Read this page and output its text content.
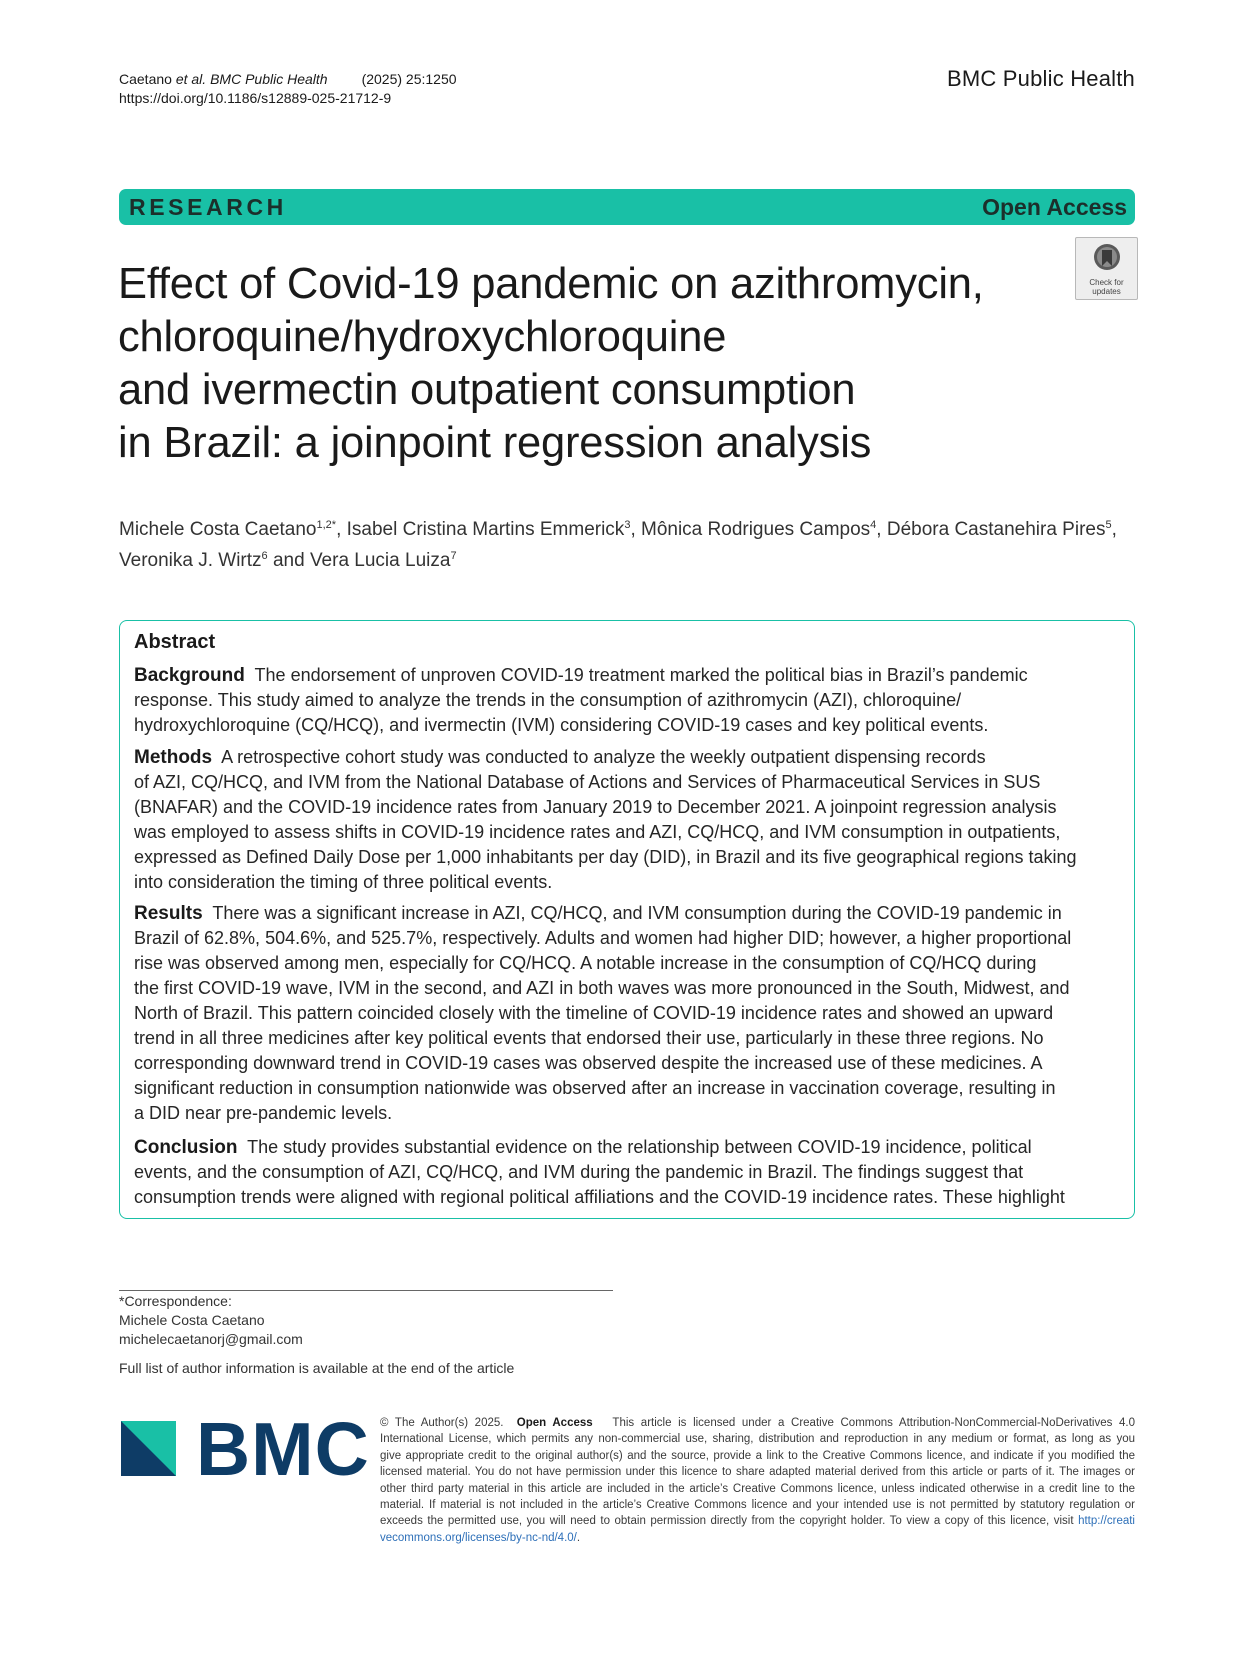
Caetano et al. BMC Public Health (2025) 25:1250
https://doi.org/10.1186/s12889-025-21712-9
BMC Public Health
RESEARCH	Open Access
Effect of Covid-19 pandemic on azithromycin,
chloroquine/hydroxychloroquine
and ivermectin outpatient consumption
in Brazil: a joinpoint regression analysis
Check for
updates
Michele Costa Caetano$^{1,2*}$, Isabel Cristina Martins Emmerick$^3$, Mônica Rodrigues Campos$^4$, Débora Castanehira Pires$^5$,
Veronika J. Wirtz$^6$ and Vera Lucia Luiza$^7$
Abstract
Background The endorsement of unproven COVID-19 treatment marked the political bias in Brazil’s pandemic
response. This study aimed to analyze the trends in the consumption of azithromycin (AZI), chloroquine/
hydroxychloroquine (CQ/HCQ), and ivermectin (IVM) considering COVID-19 cases and key political events.
Methods A retrospective cohort study was conducted to analyze the weekly outpatient dispensing records
of AZI, CQ/HCQ, and IVM from the National Database of Actions and Services of Pharmaceutical Services in SUS
(BNAFAR) and the COVID-19 incidence rates from January 2019 to December 2021. A joinpoint regression analysis
was employed to assess shifts in COVID-19 incidence rates and AZI, CQ/HCQ, and IVM consumption in outpatients,
expressed as Defined Daily Dose per 1,000 inhabitants per day (DID), in Brazil and its five geographical regions taking
into consideration the timing of three political events.
Results There was a significant increase in AZI, CQ/HCQ, and IVM consumption during the COVID-19 pandemic in
Brazil of 62.8%, 504.6%, and 525.7%, respectively. Adults and women had higher DID; however, a higher proportional
rise was observed among men, especially for CQ/HCQ. A notable increase in the consumption of CQ/HCQ during
the first COVID-19 wave, IVM in the second, and AZI in both waves was more pronounced in the South, Midwest, and
North of Brazil. This pattern coincided closely with the timeline of COVID-19 incidence rates and showed an upward
trend in all three medicines after key political events that endorsed their use, particularly in these three regions. No
corresponding downward trend in COVID-19 cases was observed despite the increased use of these medicines. A
significant reduction in consumption nationwide was observed after an increase in vaccination coverage, resulting in
a DID near pre-pandemic levels.
Conclusion The study provides substantial evidence on the relationship between COVID-19 incidence, political
events, and the consumption of AZI, CQ/HCQ, and IVM during the pandemic in Brazil. The findings suggest that
consumption trends were aligned with regional political affiliations and the COVID-19 incidence rates. These highlight
*Correspondence:
Michele Costa Caetano
michelecaetanorj@gmail.com
Full list of author information is available at the end of the article
BMC © The Author(s) 2025. Open Access This article is licensed under a Creative Commons Attribution-NonCommercial-NoDerivatives 4.0
International License, which permits any non-commercial use, sharing, distribution and reproduction in any medium or format, as long as you
give appropriate credit to the original author(s) and the source, provide a link to the Creative Commons licence, and indicate if you modified the
licensed material. You do not have permission under this licence to share adapted material derived from this article or parts of it. The images or
other third party material in this article are included in the article’s Creative Commons licence, unless indicated otherwise in a credit line to the
material. If material is not included in the article’s Creative Commons licence and your intended use is not permitted by statutory regulation or
exceeds the permitted use, you will need to obtain permission directly from the copyright holder. To view a copy of this licence, visit http://creati
vecommons.org/licenses/by-nc-nd/4.0/.
